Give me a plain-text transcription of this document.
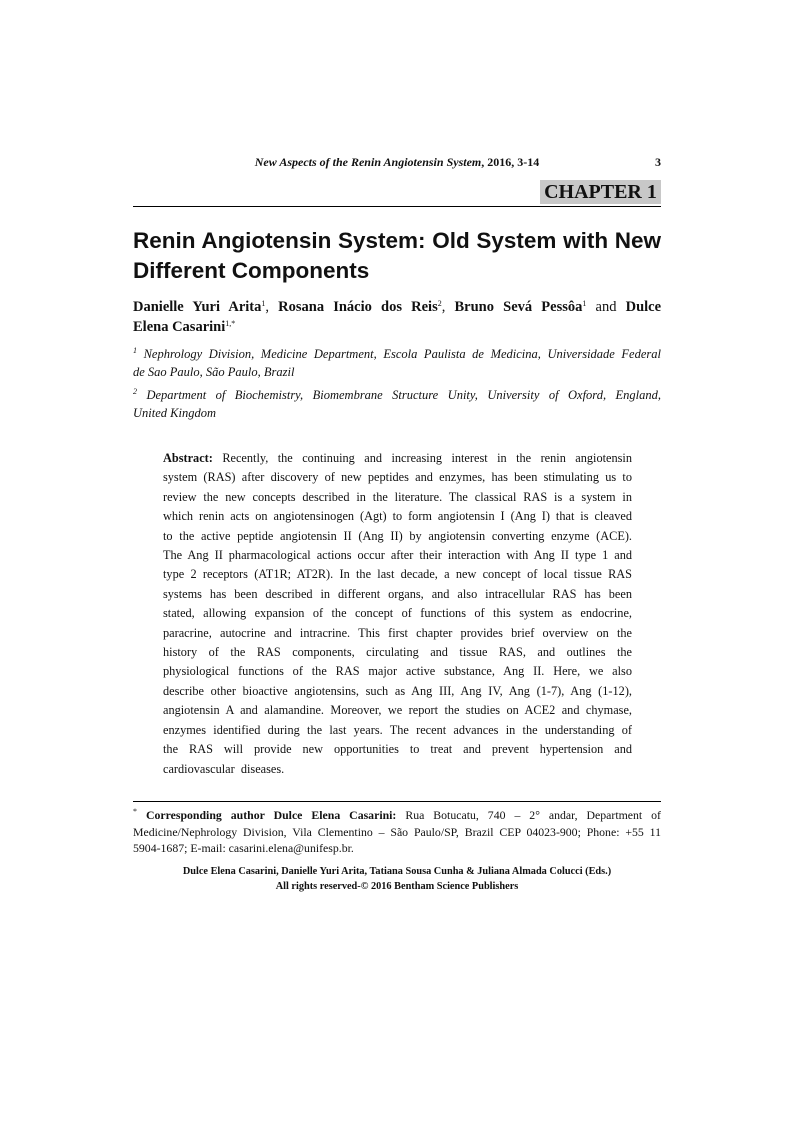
New Aspects of the Renin Angiotensin System, 2016, 3-14	3
CHAPTER 1
Renin Angiotensin System: Old System with New
Different Components
Danielle Yuri Arita$^1$, Rosana Inácio dos Reis$^2$, Bruno Sevá Pessôa$^1$ and Dulce
Elena Casarini$^{1,*}$
$^1$ Nephrology Division, Medicine Department, Escola Paulista de Medicina, Universidade Federal
de Sao Paulo, São Paulo, Brazil
$^2$ Department of Biochemistry, Biomembrane Structure Unity, University of Oxford, England,
United Kingdom
Abstract: Recently, the continuing and increasing interest in the renin angiotensin
system (RAS) after discovery of new peptides and enzymes, has been stimulating us to
review the new concepts described in the literature. The classical RAS is a system in
which renin acts on angiotensinogen (Agt) to form angiotensin I (Ang I) that is cleaved
to the active peptide angiotensin II (Ang II) by angiotensin converting enzyme (ACE).
The Ang II pharmacological actions occur after their interaction with Ang II type 1 and
type 2 receptors (AT1R; AT2R). In the last decade, a new concept of local tissue RAS
systems has been described in different organs, and also intracellular RAS has been
stated, allowing expansion of the concept of functions of this system as endocrine,
paracrine, autocrine and intracrine. This first chapter provides brief overview on the
history of the RAS components, circulating and tissue RAS, and outlines the
physiological functions of the RAS major active substance, Ang II. Here, we also
describe other bioactive angiotensins, such as Ang III, Ang IV, Ang (1-7), Ang (1-12),
angiotensin A and alamandine. Moreover, we report the studies on ACE2 and chymase,
enzymes identified during the last years. The recent advances in the understanding of
the RAS will provide new opportunities to treat and prevent hypertension and
cardiovascular  diseases.
* Corresponding author Dulce Elena Casarini: Rua Botucatu, 740 – 2° andar, Department of
Medicine/Nephrology Division, Vila Clementino – São Paulo/SP, Brazil CEP 04023-900; Phone: +55 11
5904-1687; E-mail: casarini.elena@unifesp.br.
Dulce Elena Casarini, Danielle Yuri Arita, Tatiana Sousa Cunha & Juliana Almada Colucci (Eds.)
All rights reserved-© 2016 Bentham Science Publishers
